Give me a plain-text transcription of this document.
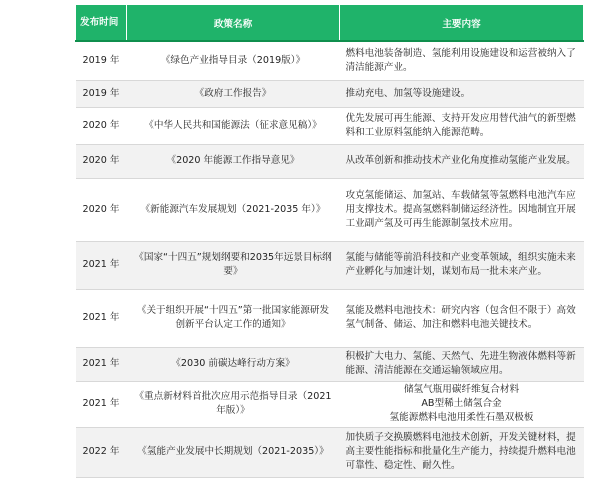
发布时间	政策名称	主要内容
2019 年	《绿色产业指导目录（2019版）》	燃料电池装备制造、氢能利用设施建设和运营被纳入了清洁能源产业。
2019 年	《政府工作报告》	推动充电、加氢等设施建设。
2020 年	《中华人民共和国能源法（征求意见稿）》	优先发展可再生能源、支持开发应用替代油气的新型燃料和工业原料氢能纳入能源范畴。
2020 年	《2020 年能源工作指导意见》	从改革创新和推动技术产业化角度推动氢能产业发展。
2020 年	《新能源汽车发展规划（2021-2035 年）》	攻克氢能储运、加氢站、车载储氢等氢燃料电池汽车应用支撑技术。提高氢燃料制储运经济性。因地制宜开展工业副产氢及可再生能源制氢技术应用。
2021 年	《国家“十四五”规划纲要和2035年远景目标纲要》	氢能与储能等前沿科技和产业变革领域，组织实施未来产业孵化与加速计划，谋划布局一批未来产业。
2021 年	《关于组织开展“十四五”第一批国家能源研发创新平台认定工作的通知》	氢能及燃料电池技术：研究内容（包含但不限于）高效氢气制备、储运、加注和燃料电池关键技术。
2021 年	《2030 前碳达峰行动方案》	积极扩大电力、氢能、天然气、先进生物液体燃料等新能源、清洁能源在交通运输领域应用。
2021 年	《重点新材料首批次应用示范指导目录（2021 年版）》	储氢气瓶用碳纤维复合材料
AB型稀土储氢合金
氢能源燃料电池用柔性石墨双极板

2022 年	《氢能产业发展中长期规划（2021-2035）》	加快质子交换膜燃料电池技术创新，开发关键材料，提高主要性能指标和批量化生产能力，持续提升燃料电池可靠性、稳定性、耐久性。
